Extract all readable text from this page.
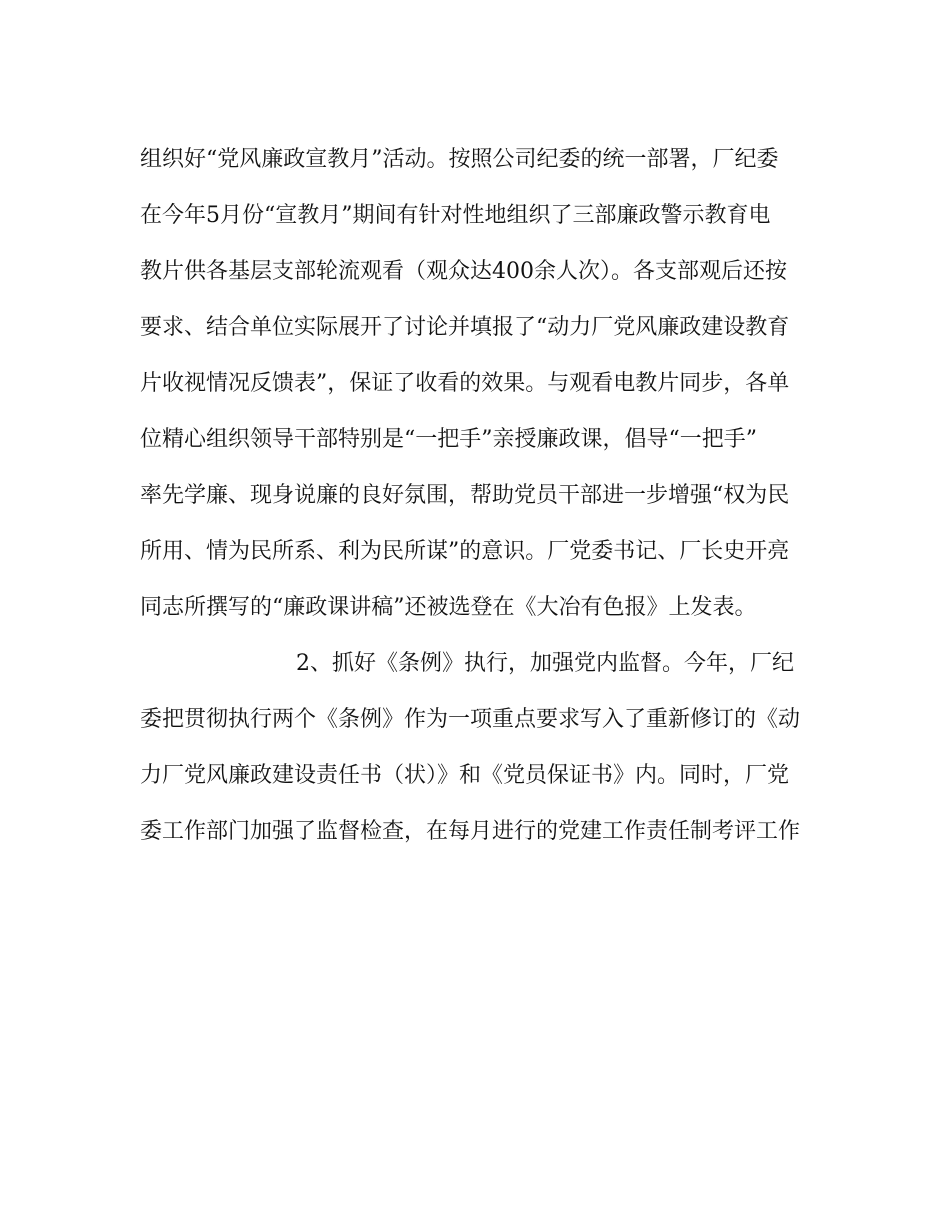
组织好“党风廉政宣教月”活动。按照公司纪委的统一部署，厂纪委
在今年5月份“宣教月”期间有针对性地组织了三部廉政警示教育电
教片供各基层支部轮流观看（观众达400余人次）。各支部观后还按
要求、结合单位实际展开了讨论并填报了“动力厂党风廉政建设教育
片收视情况反馈表”，保证了收看的效果。与观看电教片同步，各单
位精心组织领导干部特别是“一把手”亲授廉政课，倡导“一把手”
率先学廉、现身说廉的良好氛围，帮助党员干部进一步增强“权为民
所用、情为民所系、利为民所谋”的意识。厂党委书记、厂长史开亮
同志所撰写的“廉政课讲稿”还被选登在《大冶有色报》上发表。
2、抓好《条例》执行，加强党内监督。今年，厂纪
委把贯彻执行两个《条例》作为一项重点要求写入了重新修订的《动
力厂党风廉政建设责任书（状）》和《党员保证书》内。同时，厂党
委工作部门加强了监督检查，在每月进行的党建工作责任制考评工作
